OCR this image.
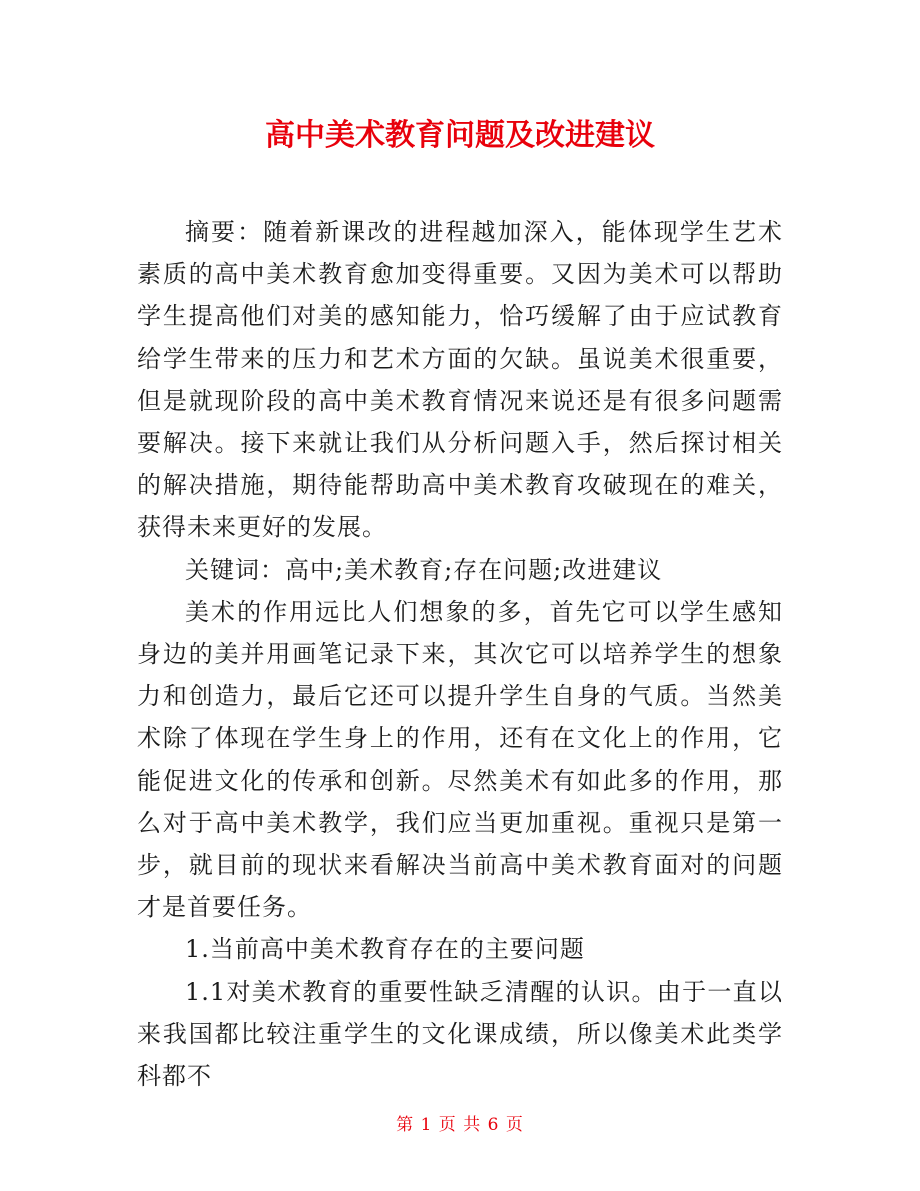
高中美术教育问题及改进建议

摘要：随着新课改的进程越加深入，能体现学生艺术素质的高中美术教育愈加变得重要。又因为美术可以帮助学生提高他们对美的感知能力，恰巧缓解了由于应试教育给学生带来的压力和艺术方面的欠缺。虽说美术很重要，但是就现阶段的高中美术教育情况来说还是有很多问题需要解决。接下来就让我们从分析问题入手，然后探讨相关的解决措施，期待能帮助高中美术教育攻破现在的难关，获得未来更好的发展。

关键词：高中;美术教育;存在问题;改进建议

美术的作用远比人们想象的多，首先它可以学生感知身边的美并用画笔记录下来，其次它可以培养学生的想象力和创造力，最后它还可以提升学生自身的气质。当然美术除了体现在学生身上的作用，还有在文化上的作用，它能促进文化的传承和创新。尽然美术有如此多的作用，那么对于高中美术教学，我们应当更加重视。重视只是第一步，就目前的现状来看解决当前高中美术教育面对的问题才是首要任务。

1.当前高中美术教育存在的主要问题

1.1对美术教育的重要性缺乏清醒的认识。由于一直以来我国都比较注重学生的文化课成绩，所以像美术此类学科都不

第 1 页 共 6 页
